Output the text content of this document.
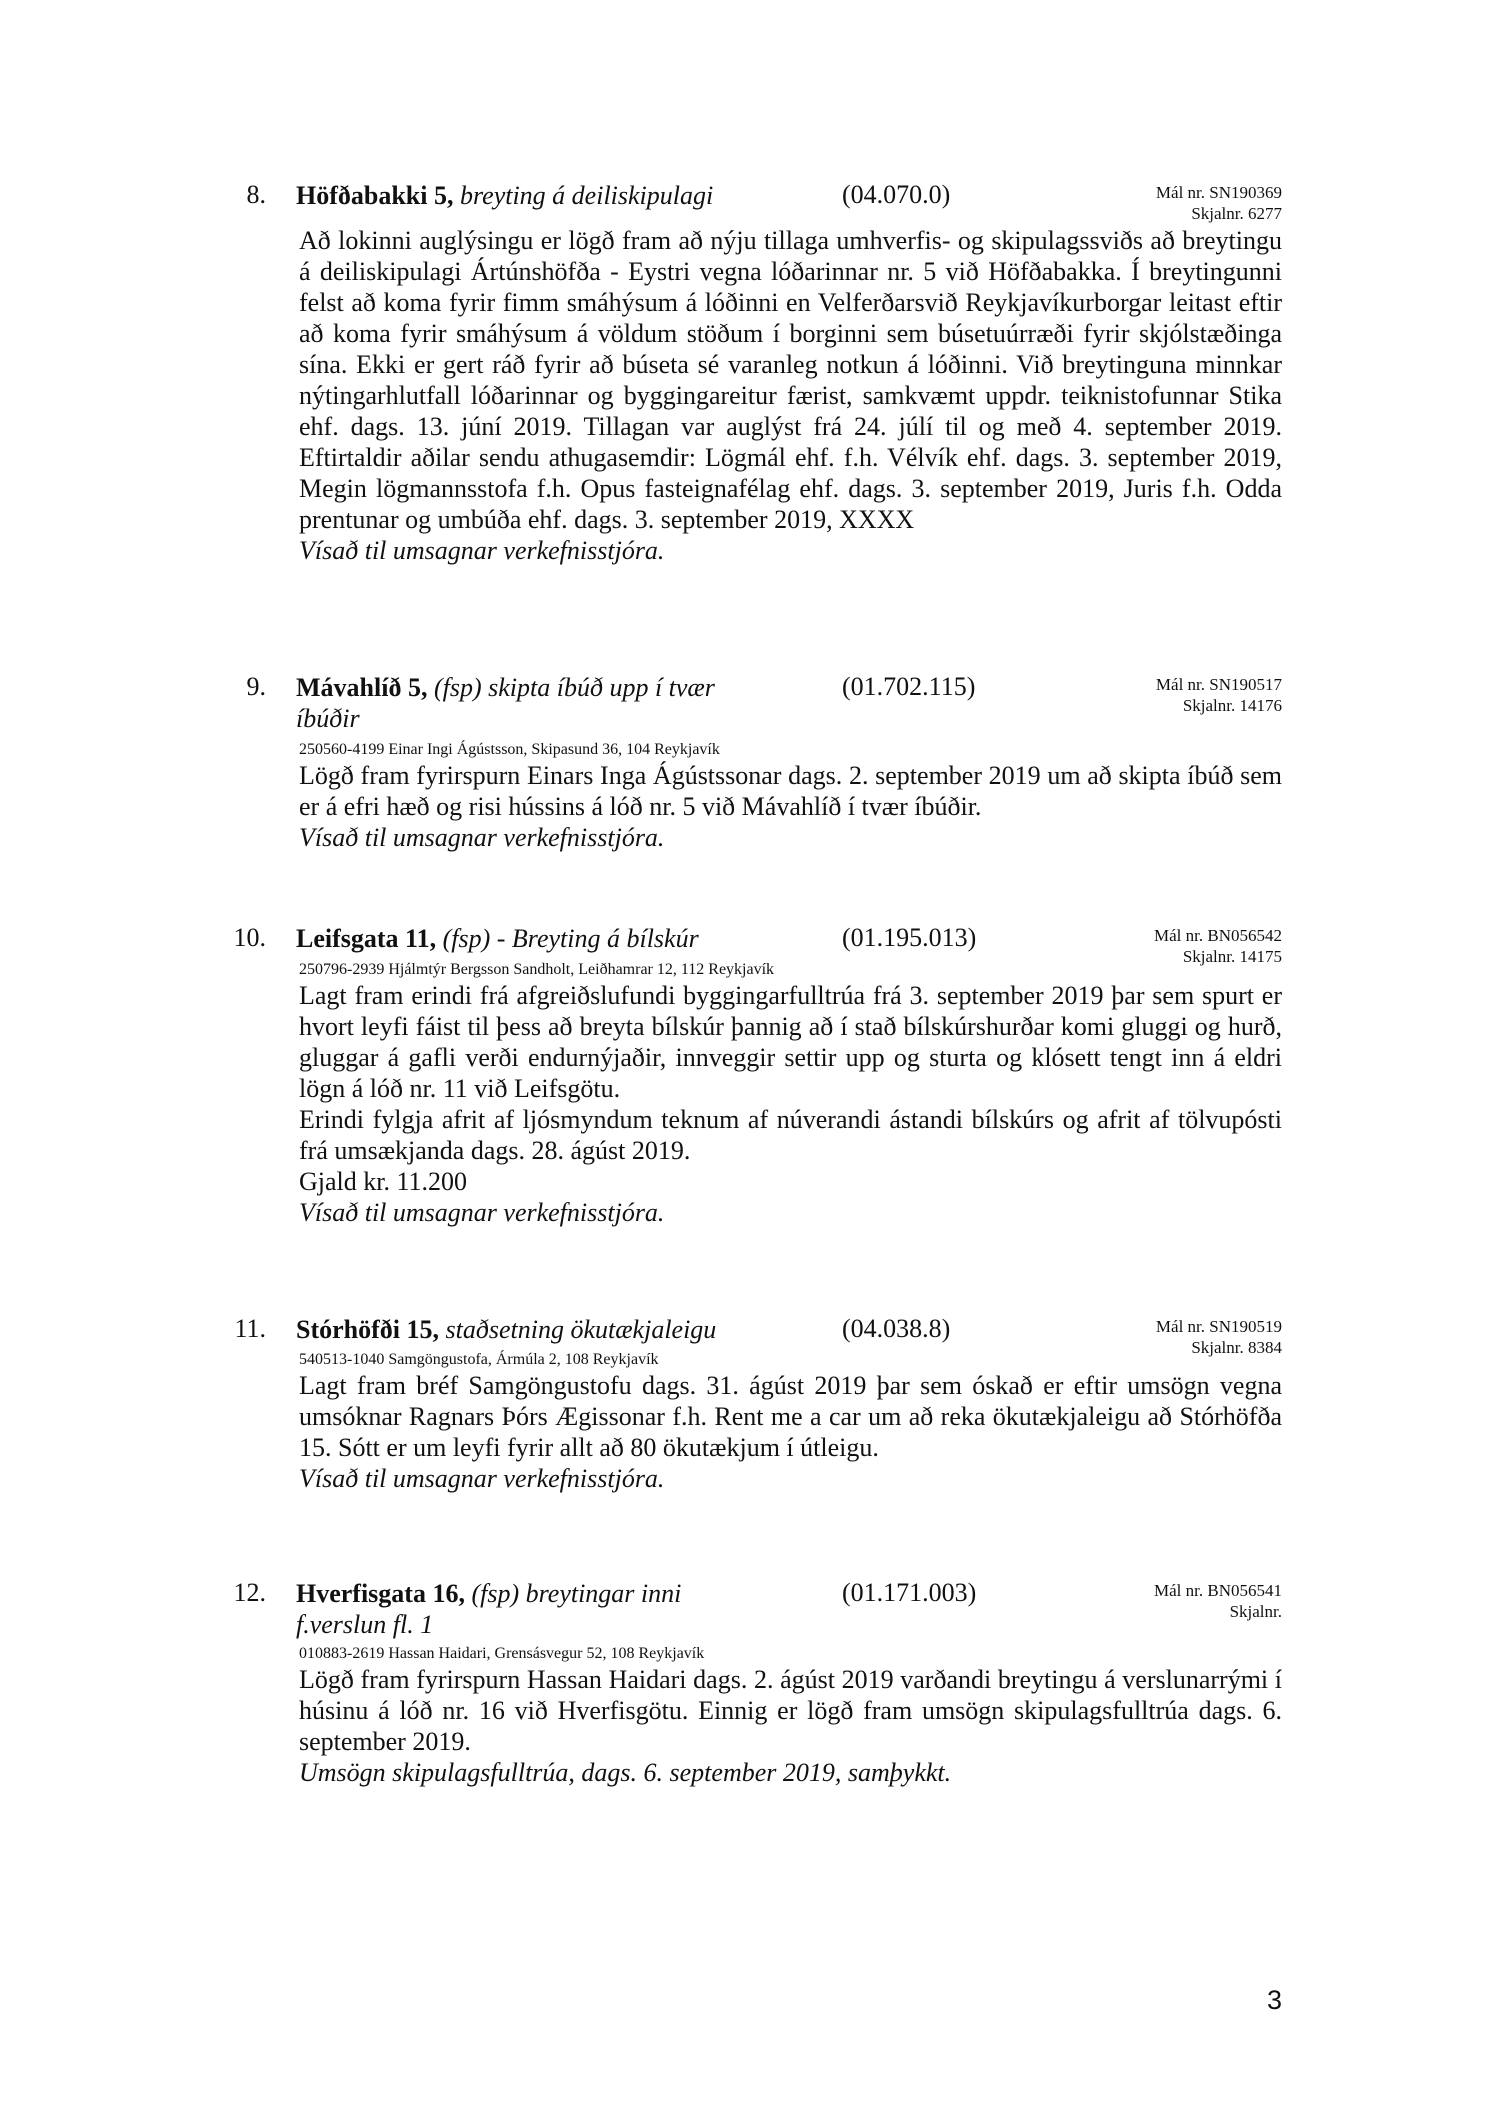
8. Höfðabakki 5, breyting á deiliskipulagi	(04.070.0)	Mál nr. SN190369
Skjalnr. 6277

Að lokinni auglýsingu er lögð fram að nýju tillaga umhverfis- og skipulagssviðs að breytingu á deiliskipulagi Ártúnshöfða - Eystri vegna lóðarinnar nr. 5 við Höfðabakka. Í breytingunni felst að koma fyrir fimm smáhýsum á lóðinni en Velferðarsvið Reykjavíkurborgar leitast eftir að koma fyrir smáhýsum á völdum stöðum í borginni sem búsetuúrræði fyrir skjólstæðinga sína. Ekki er gert ráð fyrir að búseta sé varanleg notkun á lóðinni. Við breytinguna minnkar nýtingarhlutfall lóðarinnar og byggingareitur færist, samkvæmt uppdr. teiknistofunnar Stika ehf. dags. 13. júní 2019. Tillagan var auglýst frá 24. júlí til og með 4. september 2019. Eftirtaldir aðilar sendu athugasemdir: Lögmál ehf. f.h. Vélvík ehf. dags. 3. september 2019, Megin lögmannsstofa f.h. Opus fasteignafélag ehf. dags. 3. september 2019, Juris f.h. Odda prentunar og umbúða ehf. dags. 3. september 2019, XXXX

Vísað til umsagnar verkefnisstjóra.

9. Mávahlíð 5, (fsp) skipta íbúð upp í tvær íbúðir
(01.702.115)	Mál nr. SN190517
Skjalnr. 14176
250560-4199 Einar Ingi Ágústsson, Skipasund 36, 104 Reykjavík

Lögð fram fyrirspurn Einars Inga Ágústssonar dags. 2. september 2019 um að skipta íbúð sem er á efri hæð og risi hússins á lóð nr. 5 við Mávahlíð í tvær íbúðir.

Vísað til umsagnar verkefnisstjóra.

10. Leifsgata 11, (fsp) - Breyting á bílskúr	(01.195.013)	Mál nr. BN056542
Skjalnr. 14175
250796-2939 Hjálmtýr Bergsson Sandholt, Leiðhamrar 12, 112 Reykjavík

Lagt fram erindi frá afgreiðslufundi byggingarfulltrúa frá 3. september 2019 þar sem spurt er hvort leyfi fáist til þess að breyta bílskúr þannig að í stað bílskúrshurðar komi gluggi og hurð, gluggar á gafli verði endurnýjaðir, innveggir settir upp og sturta og klósett tengt inn á eldri lögn á lóð nr. 11 við Leifsgötu.

Erindi fylgja afrit af ljósmyndum teknum af núverandi ástandi bílskúrs og afrit af tölvupósti frá umsækjanda dags. 28. ágúst 2019.

Gjald kr. 11.200

Vísað til umsagnar verkefnisstjóra.

11. Stórhöfði 15, staðsetning ökutækjaleigu	(04.038.8)	Mál nr. SN190519
Skjalnr. 8384
540513-1040 Samgöngustofa, Ármúla 2, 108 Reykjavík

Lagt fram bréf Samgöngustofu dags. 31. ágúst 2019 þar sem óskað er eftir umsögn vegna umsóknar Ragnars Þórs Ægissonar f.h. Rent me a car um að reka ökutækjaleigu að Stórhöfða 15. Sótt er um leyfi fyrir allt að 80 ökutækjum í útleigu.

Vísað til umsagnar verkefnisstjóra.

12. Hverfisgata 16, (fsp) breytingar inni f.verslun fl. 1
(01.171.003)	Mál nr. BN056541
Skjalnr.
010883-2619 Hassan Haidari, Grensásvegur 52, 108 Reykjavík

Lögð fram fyrirspurn Hassan Haidari dags. 2. ágúst 2019 varðandi breytingu á verslunarrými í húsinu á lóð nr. 16 við Hverfisgötu. Einnig er lögð fram umsögn skipulagsfulltrúa dags. 6. september 2019.

Umsögn skipulagsfulltrúa, dags. 6. september 2019, samþykkt.

3
